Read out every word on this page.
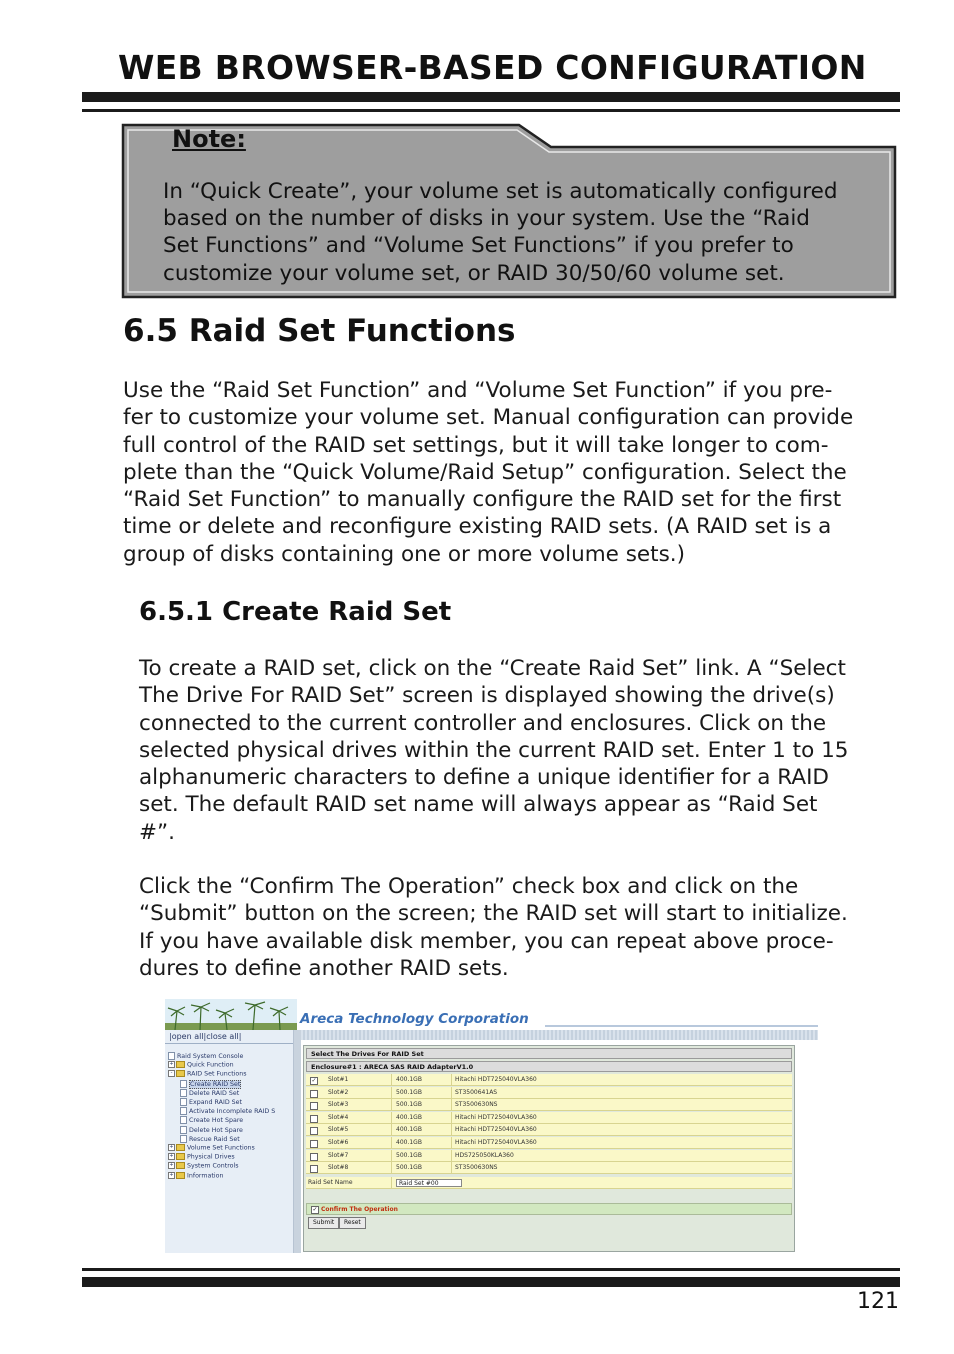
WEB BROWSER-BASED CONFIGURATION
Note:
In “Quick Create”, your volume set is automatically configured
based on the number of disks in your system. Use the “Raid
Set Functions” and “Volume Set Functions” if you prefer to
customize your volume set, or RAID 30/50/60 volume set.
6.5 Raid Set Functions
Use the “Raid Set Function” and “Volume Set Function” if you pre-
fer to customize your volume set. Manual configuration can provide
full control of the RAID set settings, but it will take longer to com-
plete than the “Quick Volume/Raid Setup” configuration. Select the
“Raid Set Function” to manually configure the RAID set for the first
time or delete and reconfigure existing RAID sets. (A RAID set is a
group of disks containing one or more volume sets.)
6.5.1 Create Raid Set
To create a RAID set, click on the “Create Raid Set” link. A “Select
The Drive For RAID Set” screen is displayed showing the drive(s)
connected to the current controller and enclosures. Click on the
selected physical drives within the current RAID set. Enter 1 to 15
alphanumeric characters to define a unique identifier for a RAID
set. The default RAID set name will always appear as “Raid Set
#”.
Click the “Confirm The Operation” check box and click on the
“Submit” button on the screen; the RAID set will start to initialize.
If you have available disk member, you can repeat above proce-
dures to define another RAID sets.
Areca Technology Corporation
|open all|close all|
Raid System Console
+ Quick Function
- RAID Set Functions
Create RAID Set
Delete RAID Set
Expand RAID Set
Activate Incomplete RAID S
Create Hot Spare
Delete Hot Spare
Rescue Raid Set
+ Volume Set Functions
+ Physical Drives
+ System Controls
+ Information
Select The Drives For RAID Set
Enclosure#1 : ARECA SAS RAID AdapterV1.0
✓ Slot#1	400.1GB	Hitachi HDT725040VLA360
Slot#2	500.1GB	ST3500641AS
Slot#3	500.1GB	ST3500630NS
Slot#4	400.1GB	Hitachi HDT725040VLA360
Slot#5	400.1GB	Hitachi HDT725040VLA360
Slot#6	400.1GB	Hitachi HDT725040VLA360
Slot#7	500.1GB	HDS725050KLA360
Slot#8	500.1GB	ST3500630NS
Raid Set Name	Raid Set #00
✓ Confirm The Operation
Submit	Reset
121
